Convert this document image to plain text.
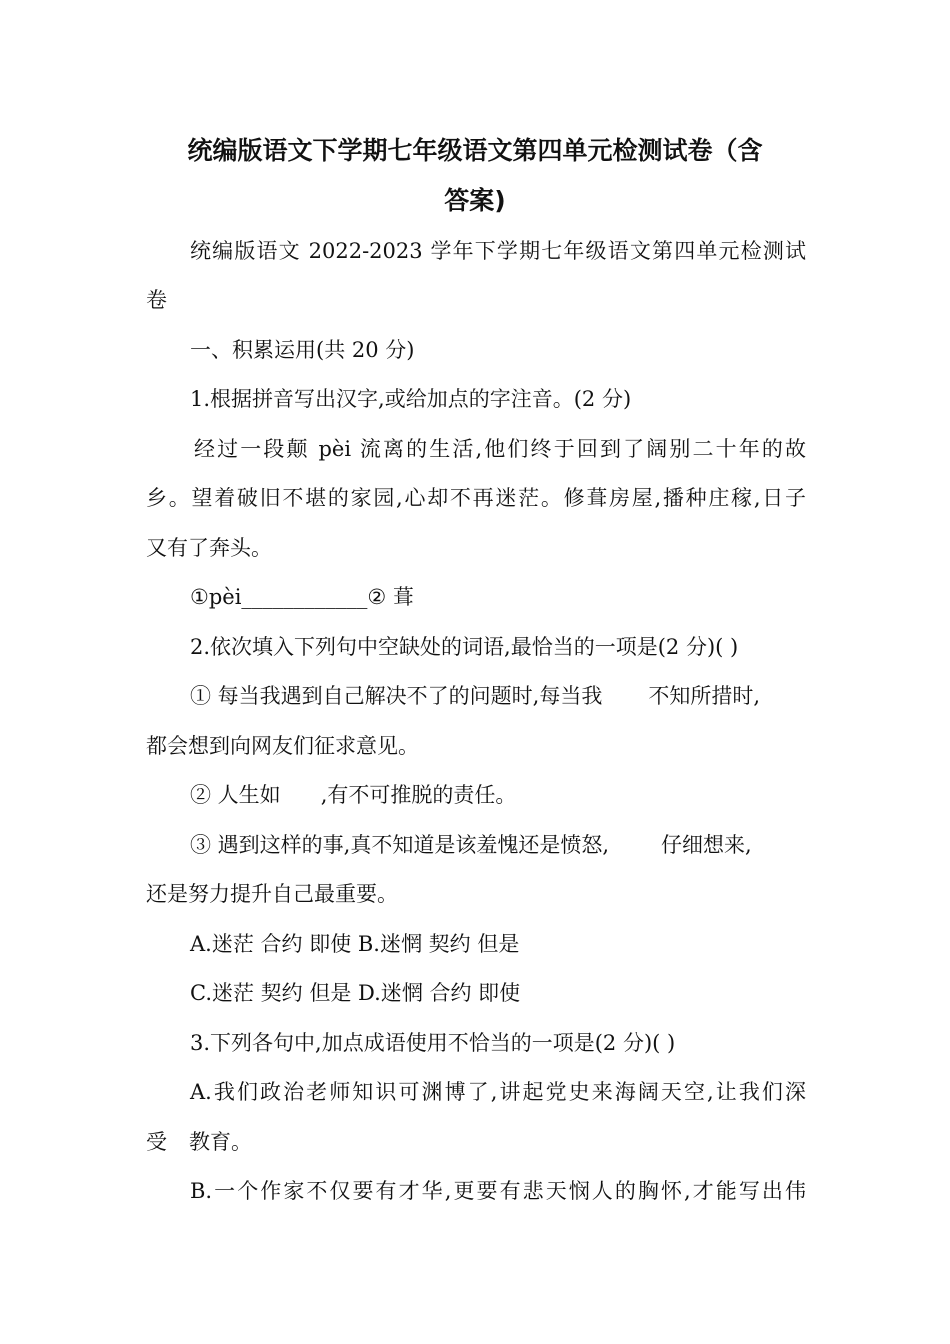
统编版语文下学期七年级语文第四单元检测试卷（含
答案)
统编版语文 2022-2023 学年下学期七年级语文第四单元检测试
卷
一、积累运用(共 20 分)
1.根据拼音写出汉字,或给加点的字注音。(2 分)
经过一段颠 pèi 流离的生活,他们终于回到了阔别二十年的故
乡。望着破旧不堪的家园,心却不再迷茫。修葺房屋,播种庄稼,日子
又有了奔头。
①pèi____________② 葺
2.依次填入下列句中空缺处的词语,最恰当的一项是(2 分)( )
① 每当我遇到自己解决不了的问题时,每当我 不知所措时,
都会想到向网友们征求意见。
② 人生如 ,有不可推脱的责任。
③ 遇到这样的事,真不知道是该羞愧还是愤怒, 仔细想来,
还是努力提升自己最重要。
A.迷茫 合约 即使 B.迷惘 契约 但是
C.迷茫 契约 但是 D.迷惘 合约 即使
3.下列各句中,加点成语使用不恰当的一项是(2 分)( )
A.我们政治老师知识可渊博了,讲起党史来海阔天空,让我们深
受 教育。
B.一个作家不仅要有才华,更要有悲天悯人的胸怀,才能写出伟
